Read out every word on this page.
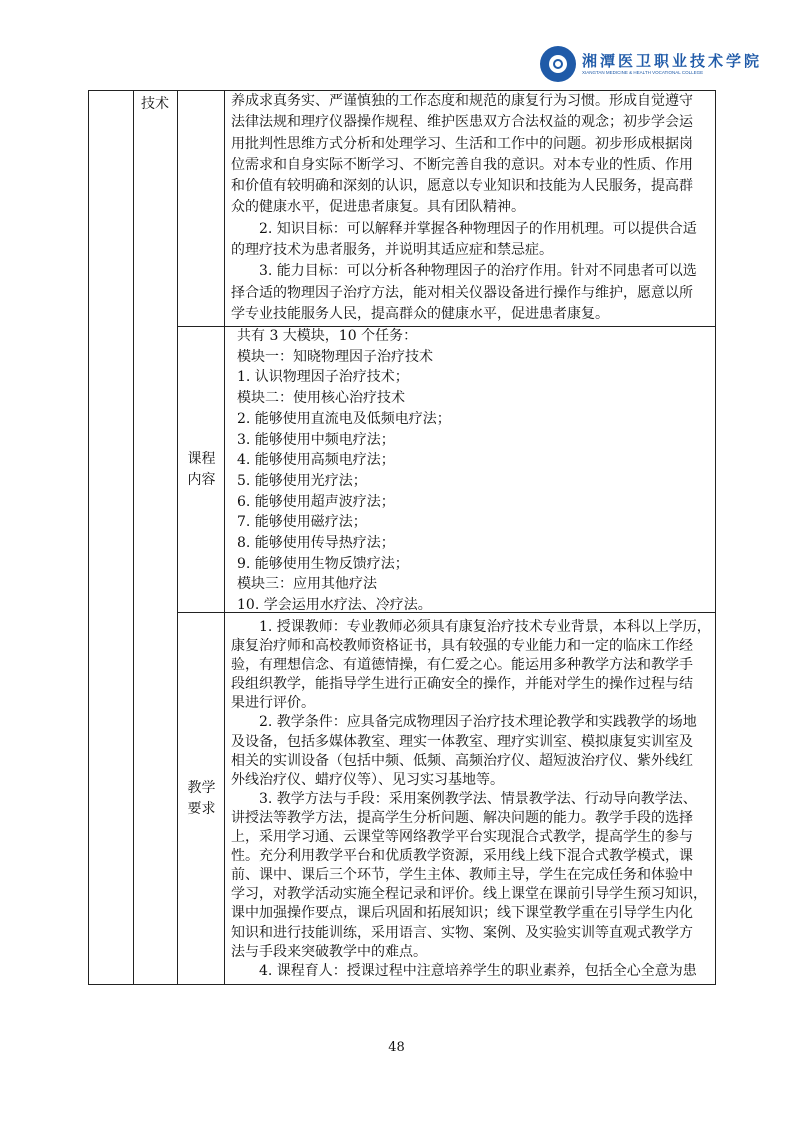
湘潭医卫职业技术学院
XIANGTAN MEDICINE & HEALTH VOCATIONAL COLLEGE
技术	养成求真务实、严谨慎独的工作态度和规范的康复行为习惯。形成自觉遵守
法律法规和理疗仪器操作规程、维护医患双方合法权益的观念；初步学会运
用批判性思维方式分析和处理学习、生活和工作中的问题。初步形成根据岗
位需求和自身实际不断学习、不断完善自我的意识。对本专业的性质、作用
和价值有较明确和深刻的认识，愿意以专业知识和技能为人民服务，提高群
众的健康水平，促进患者康复。具有团队精神。
2. 知识目标：可以解释并掌握各种物理因子的作用机理。可以提供合适
的理疗技术为患者服务，并说明其适应症和禁忌症。
3. 能力目标：可以分析各种物理因子的治疗作用。针对不同患者可以选
择合适的物理因子治疗方法，能对相关仪器设备进行操作与维护，愿意以所
学专业技能服务人民，提高群众的健康水平，促进患者康复。
课程
内容
共有 3 大模块，10 个任务：
模块一：知晓物理因子治疗技术
1. 认识物理因子治疗技术；
模块二：使用核心治疗技术
2. 能够使用直流电及低频电疗法；
3. 能够使用中频电疗法；
4. 能够使用高频电疗法；
5. 能够使用光疗法；
6. 能够使用超声波疗法；
7. 能够使用磁疗法；
8. 能够使用传导热疗法；
9. 能够使用生物反馈疗法；
模块三：应用其他疗法
10. 学会运用水疗法、冷疗法。
教学
要求
1. 授课教师：专业教师必须具有康复治疗技术专业背景，本科以上学历，
康复治疗师和高校教师资格证书，具有较强的专业能力和一定的临床工作经
验，有理想信念、有道德情操，有仁爱之心。能运用多种教学方法和教学手
段组织教学，能指导学生进行正确安全的操作，并能对学生的操作过程与结
果进行评价。
2. 教学条件：应具备完成物理因子治疗技术理论教学和实践教学的场地
及设备，包括多媒体教室、理实一体教室、理疗实训室、模拟康复实训室及
相关的实训设备（包括中频、低频、高频治疗仪、超短波治疗仪、紫外线红
外线治疗仪、蜡疗仪等）、见习实习基地等。
3. 教学方法与手段：采用案例教学法、情景教学法、行动导向教学法、
讲授法等教学方法，提高学生分析问题、解决问题的能力。教学手段的选择
上，采用学习通、云课堂等网络教学平台实现混合式教学，提高学生的参与
性。充分利用教学平台和优质教学资源，采用线上线下混合式教学模式，课
前、课中、课后三个环节，学生主体、教师主导，学生在完成任务和体验中
学习，对教学活动实施全程记录和评价。线上课堂在课前引导学生预习知识，
课中加强操作要点，课后巩固和拓展知识；线下课堂教学重在引导学生内化
知识和进行技能训练，采用语言、实物、案例、及实验实训等直观式教学方
法与手段来突破教学中的难点。
4. 课程育人：授课过程中注意培养学生的职业素养，包括全心全意为患
48
